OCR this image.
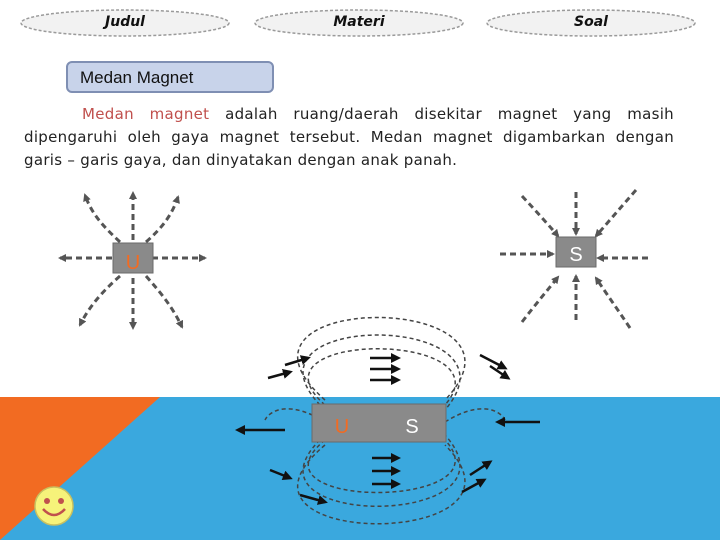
Judul	Materi	Soal
Medan Magnet
Medan magnet adalah ruang/daerah disekitar magnet yang masih dipengaruhi oleh gaya magnet tersebut. Medan magnet digambarkan dengan garis – garis gaya, dan dinyatakan dengan anak panah.
U	S
U	S
